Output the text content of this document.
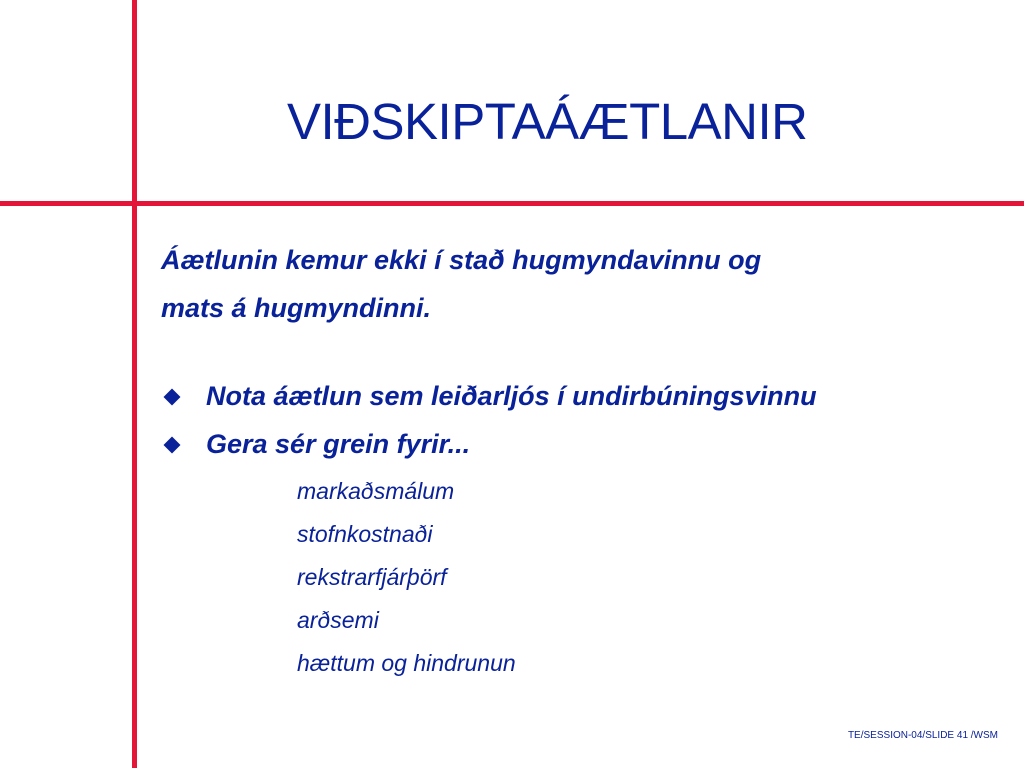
VIÐSKIPTAÁÆTLANIR
Áætlunin kemur ekki í stað hugmyndavinnu og
mats á hugmyndinni.
Nota áætlun sem leiðarljós í undirbúningsvinnu
Gera sér grein fyrir...
markaðsmálum
stofnkostnaði
rekstrarfjárþörf
arðsemi
hættum og hindrunun
TE/SESSION-04/SLIDE 41 /WSM
